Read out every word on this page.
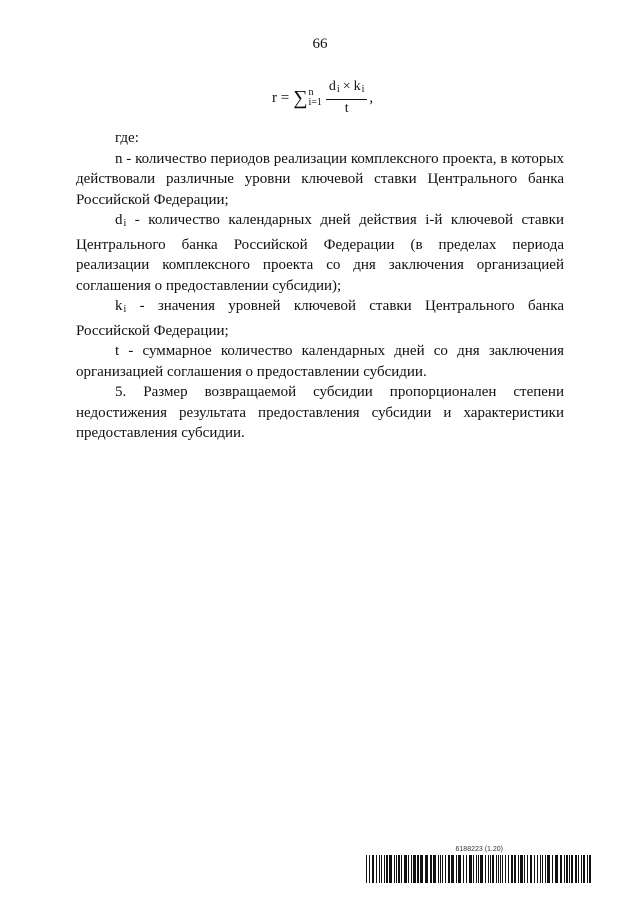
66
r = ∑ n
$i=1 \frac{d_i \times k_i}{t}$ ,

где:

n - количество периодов реализации комплексного проекта, в которых действовали различные уровни ключевой ставки Центрального банка Российской Федерации;

$d_i$ - количество календарных дней действия i-й ключевой ставки Центрального банка Российской Федерации (в пределах периода реализации комплексного проекта со дня заключения организацией соглашения о предоставлении субсидии);

$k_i$ - значения уровней ключевой ставки Центрального банка Российской Федерации;

t - суммарное количество календарных дней со дня заключения организацией соглашения о предоставлении субсидии.

5. Размер возвращаемой субсидии пропорционален степени недостижения результата предоставления субсидии и характеристики предоставления субсидии.

6188223 (1.20)
